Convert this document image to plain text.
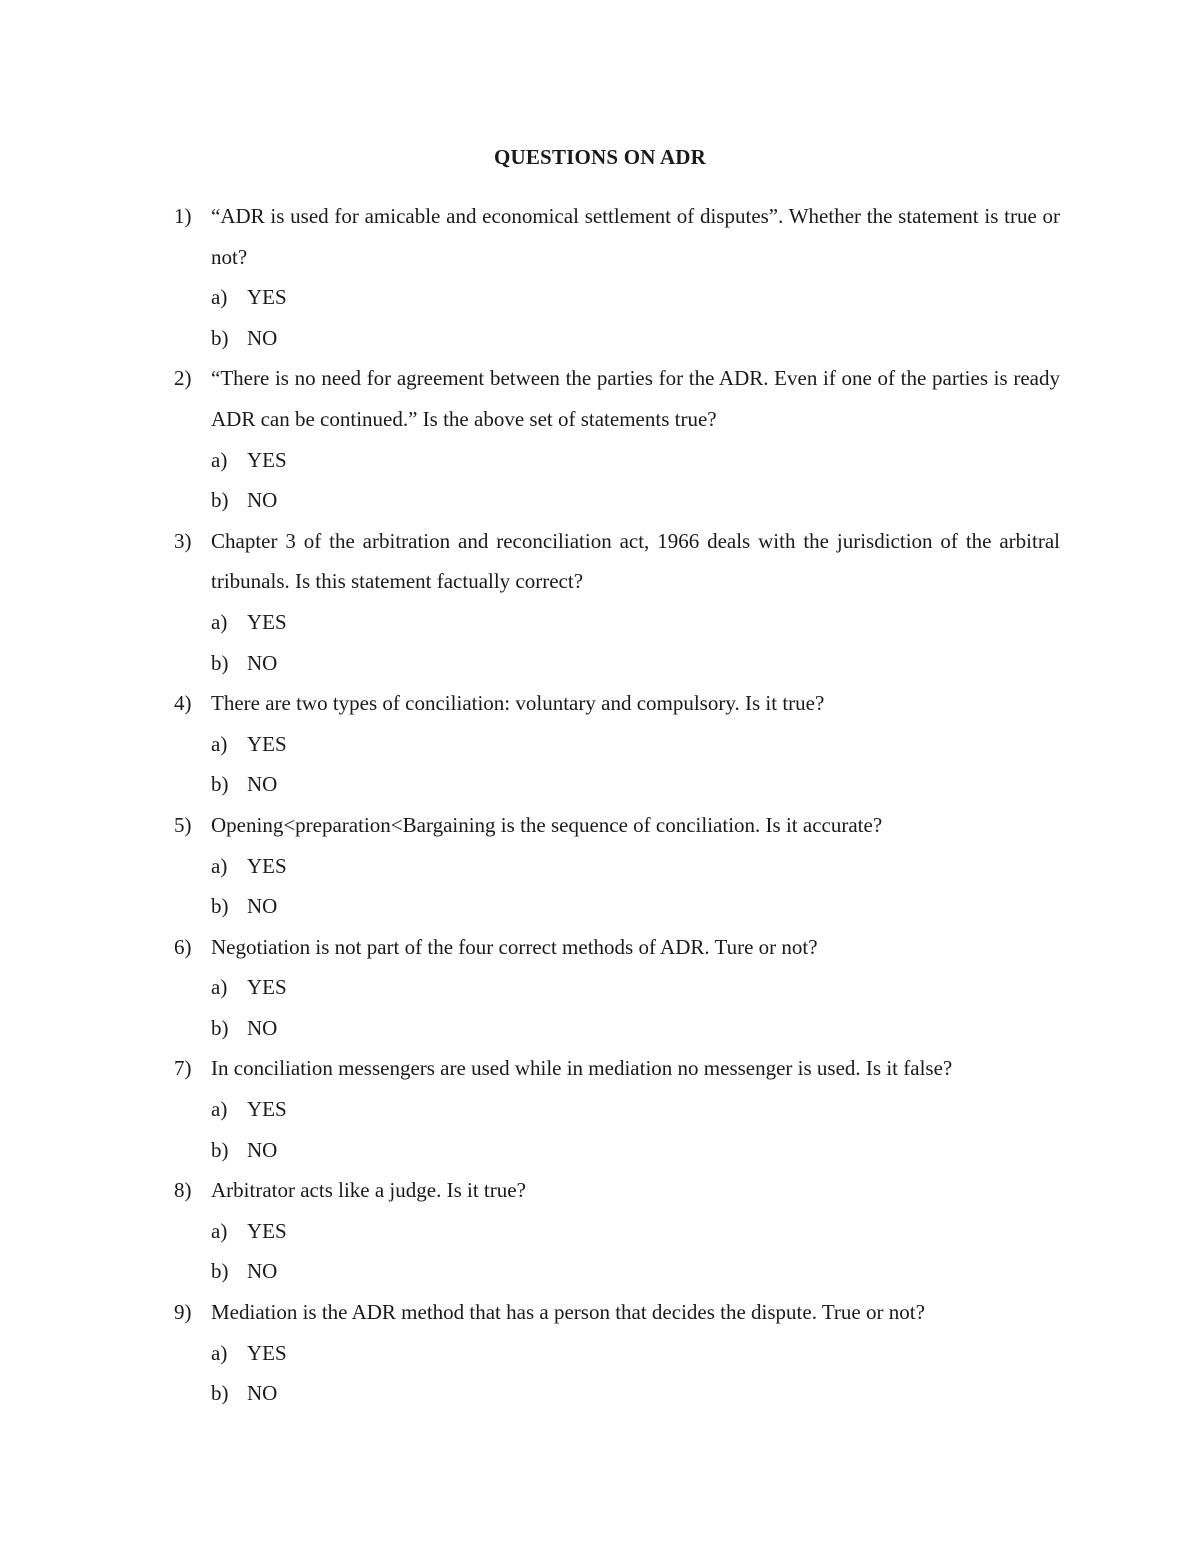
QUESTIONS ON ADR
1) “ADR is used for amicable and economical settlement of disputes”. Whether the statement is true or not?
a) YES
b) NO
2) “There is no need for agreement between the parties for the ADR. Even if one of the parties is ready ADR can be continued.” Is the above set of statements true?
a) YES
b) NO
3) Chapter 3 of the arbitration and reconciliation act, 1966 deals with the jurisdiction of the arbitral tribunals. Is this statement factually correct?
a) YES
b) NO
4) There are two types of conciliation: voluntary and compulsory. Is it true?
a) YES
b) NO
5) Opening<preparation<Bargaining is the sequence of conciliation. Is it accurate?
a) YES
b) NO
6) Negotiation is not part of the four correct methods of ADR. Ture or not?
a) YES
b) NO
7) In conciliation messengers are used while in mediation no messenger is used. Is it false?
a) YES
b) NO
8) Arbitrator acts like a judge. Is it true?
a) YES
b) NO
9) Mediation is the ADR method that has a person that decides the dispute. True or not?
a) YES
b) NO
